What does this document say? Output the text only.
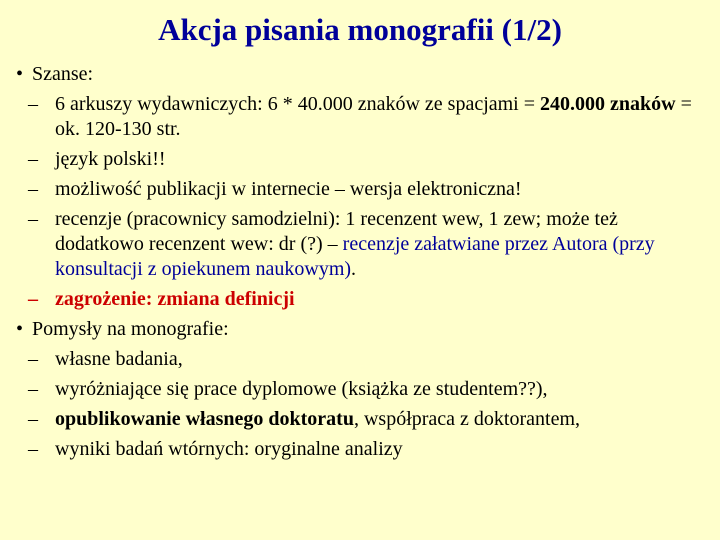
Akcja pisania monografii (1/2)
• Szanse:
– 6 arkuszy wydawniczych: 6 * 40.000 znaków ze spacjami = 240.000 znaków = ok. 120-130 str.
– język polski!!
– możliwość publikacji w internecie – wersja elektroniczna!
– recenzje (pracownicy samodzielni): 1 recenzent wew, 1 zew; może też dodatkowo recenzent wew: dr (?) – recenzje załatwiane przez Autora (przy konsultacji z opiekunem naukowym).
– zagrożenie: zmiana definicji
• Pomysły na monografie:
– własne badania,
– wyróżniające się prace dyplomowe (książka ze studentem??),
– opublikowanie własnego doktoratu, współpraca z doktorantem,
– wyniki badań wtórnych: oryginalne analizy
